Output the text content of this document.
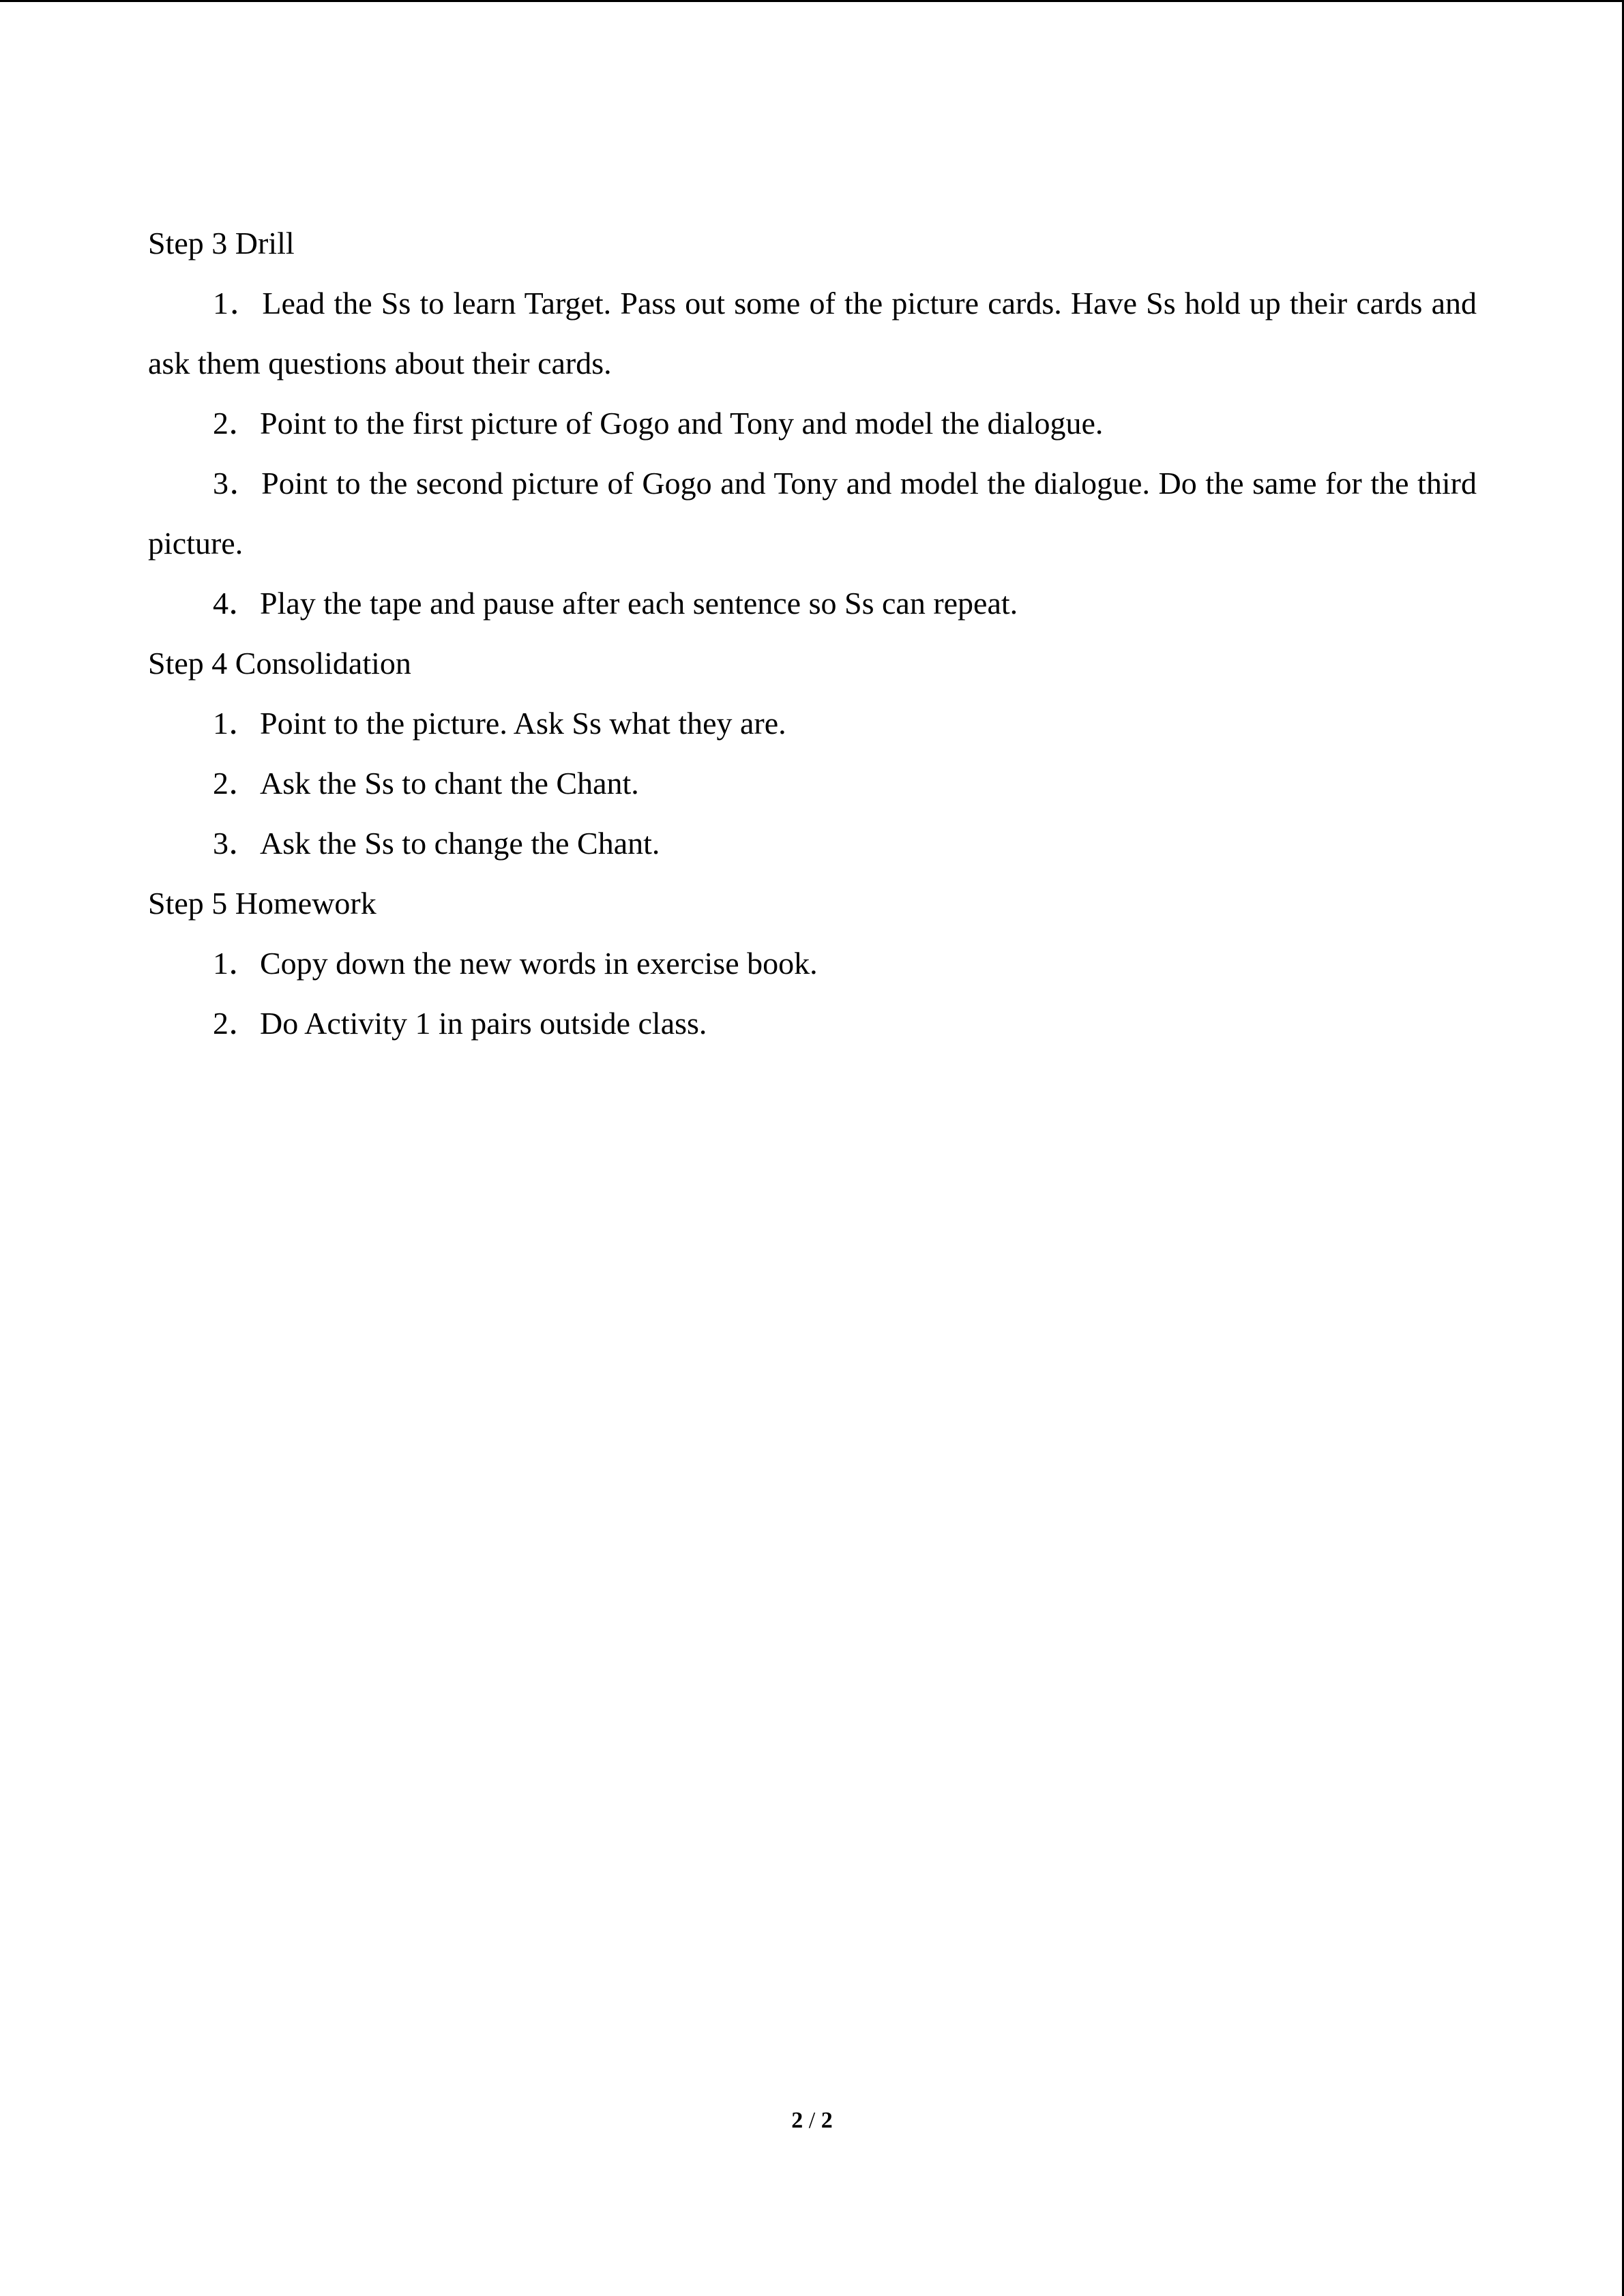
Step 3 Drill
1．Lead the Ss to learn Target. Pass out some of the picture cards. Have Ss hold up their cards and ask them questions about their cards.
2．Point to the first picture of Gogo and Tony and model the dialogue.
3．Point to the second picture of Gogo and Tony and model the dialogue. Do the same for the third picture.
4．Play the tape and pause after each sentence so Ss can repeat.
Step 4 Consolidation
1．Point to the picture. Ask Ss what they are.
2．Ask the Ss to chant the Chant.
3．Ask the Ss to change the Chant.
Step 5 Homework
1．Copy down the new words in exercise book.
2．Do Activity 1 in pairs outside class.
2 / 2
